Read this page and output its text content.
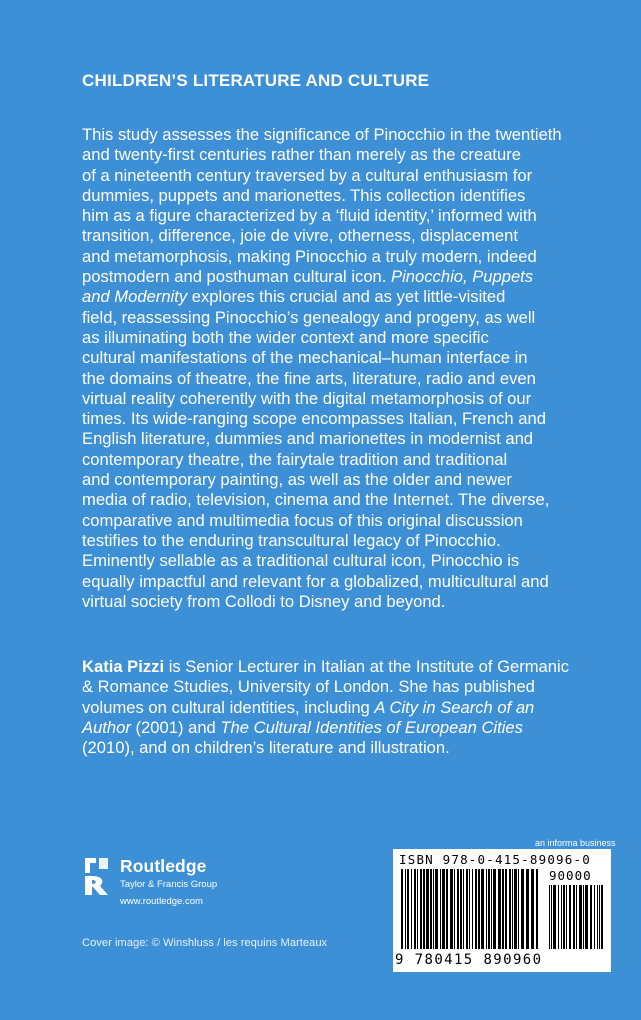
CHILDREN’S LITERATURE AND CULTURE

This study assesses the significance of Pinocchio in the twentieth

and twenty-first centuries rather than merely as the creature

of a nineteenth century traversed by a cultural enthusiasm for

dummies, puppets and marionettes. This collection identifies

him as a figure characterized by a ‘fluid identity,’ informed with

transition, difference, joie de vivre, otherness, displacement

and metamorphosis, making Pinocchio a truly modern, indeed

postmodern and posthuman cultural icon. Pinocchio, Puppets

and Modernity explores this crucial and as yet little-visited

field, reassessing Pinocchio’s genealogy and progeny, as well

as illuminating both the wider context and more specific

cultural manifestations of the mechanical–human interface in

the domains of theatre, the fine arts, literature, radio and even

virtual reality coherently with the digital metamorphosis of our

times. Its wide-ranging scope encompasses Italian, French and

English literature, dummies and marionettes in modernist and

contemporary theatre, the fairytale tradition and traditional

and contemporary painting, as well as the older and newer

media of radio, television, cinema and the Internet. The diverse,

comparative and multimedia focus of this original discussion

testifies to the enduring transcultural legacy of Pinocchio.

Eminently sellable as a traditional cultural icon, Pinocchio is

equally impactful and relevant for a globalized, multicultural and

virtual society from Collodi to Disney and beyond.

Katia Pizzi is Senior Lecturer in Italian at the Institute of Germanic

& Romance Studies, University of London. She has published

volumes on cultural identities, including A City in Search of an

Author (2001) and The Cultural Identities of European Cities

(2010), and on children’s literature and illustration.

Routledge
Taylor & Francis Group
www.routledge.com
an informa business
ISBN 978-0-415-89096-0
90000
9 780415 890960
Cover image: © Winshluss / les requins Marteaux
